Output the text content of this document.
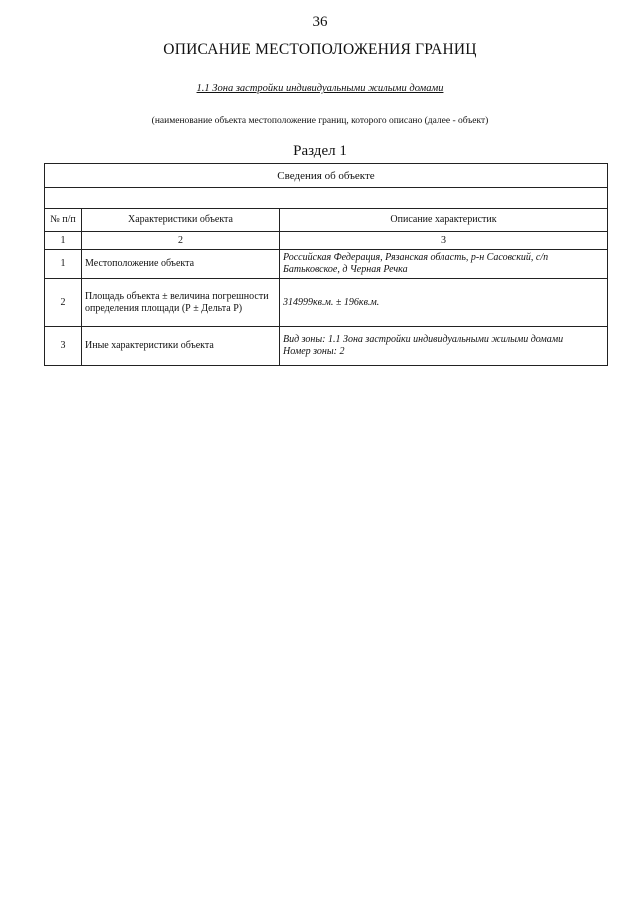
36
ОПИСАНИЕ МЕСТОПОЛОЖЕНИЯ ГРАНИЦ
1.1 Зона застройки индивидуальными жилыми домами
(наименование объекта местоположение границ, которого описано (далее - объект)
Раздел 1
Сведения об объекте		

№ п/п	Характеристики объекта	Описание характеристик
1	2	3
1	Местоположение объекта	Российская Федерация, Рязанская область, р-н Сасовский, с/п Батьковское, д Черная Речка

2	Площадь объекта ± величина погрешности определения площади (Р ± Дельта Р)	314999кв.м. ± 196кв.м.

3	Иные характеристики объекта	Вид зоны: 1.1 Зона застройки индивидуальными жилыми домами
Номер зоны: 2
